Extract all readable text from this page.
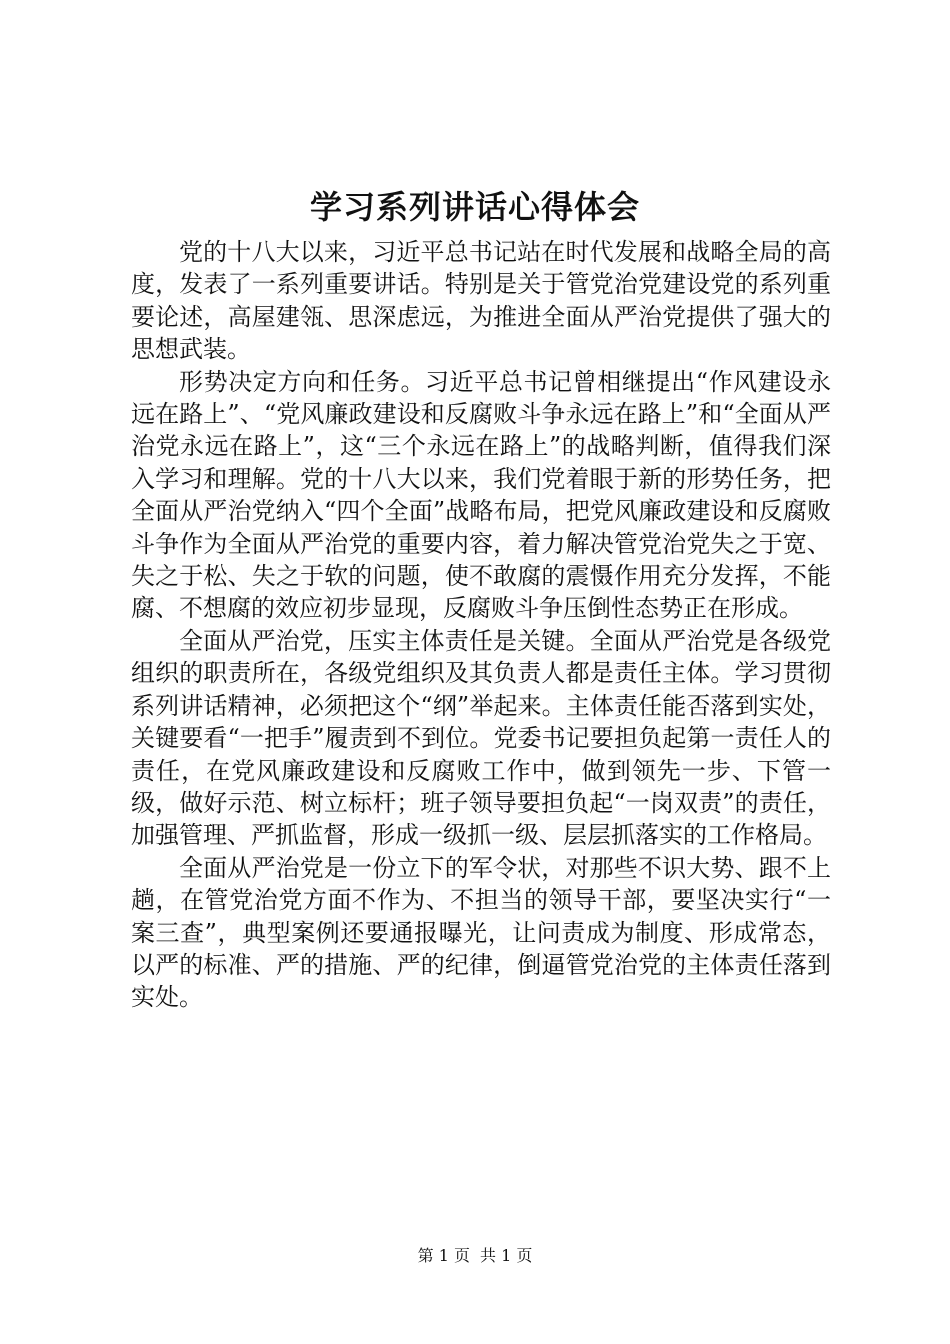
学习系列讲话心得体会

党的十八大以来，习近平总书记站在时代发展和战略全局的高度，发表了一系列重要讲话。特别是关于管党治党建设党的系列重要论述，高屋建瓴、思深虑远，为推进全面从严治党提供了强大的思想武装。

形势决定方向和任务。习近平总书记曾相继提出“作风建设永远在路上”、“党风廉政建设和反腐败斗争永远在路上”和“全面从严治党永远在路上”，这“三个永远在路上”的战略判断，值得我们深入学习和理解。党的十八大以来，我们党着眼于新的形势任务，把全面从严治党纳入“四个全面”战略布局，把党风廉政建设和反腐败斗争作为全面从严治党的重要内容，着力解决管党治党失之于宽、失之于松、失之于软的问题，使不敢腐的震慑作用充分发挥，不能腐、不想腐的效应初步显现，反腐败斗争压倒性态势正在形成。

全面从严治党，压实主体责任是关键。全面从严治党是各级党组织的职责所在，各级党组织及其负责人都是责任主体。学习贯彻系列讲话精神，必须把这个“纲”举起来。主体责任能否落到实处，关键要看“一把手”履责到不到位。党委书记要担负起第一责任人的责任，在党风廉政建设和反腐败工作中，做到领先一步、下管一级，做好示范、树立标杆；班子领导要担负起“一岗双责”的责任，加强管理、严抓监督，形成一级抓一级、层层抓落实的工作格局。

全面从严治党是一份立下的军令状，对那些不识大势、跟不上趟，在管党治党方面不作为、不担当的领导干部，要坚决实行“一案三查”，典型案例还要通报曝光，让问责成为制度、形成常态，以严的标准、严的措施、严的纪律，倒逼管党治党的主体责任落到实处。

第 1 页 共 1 页
